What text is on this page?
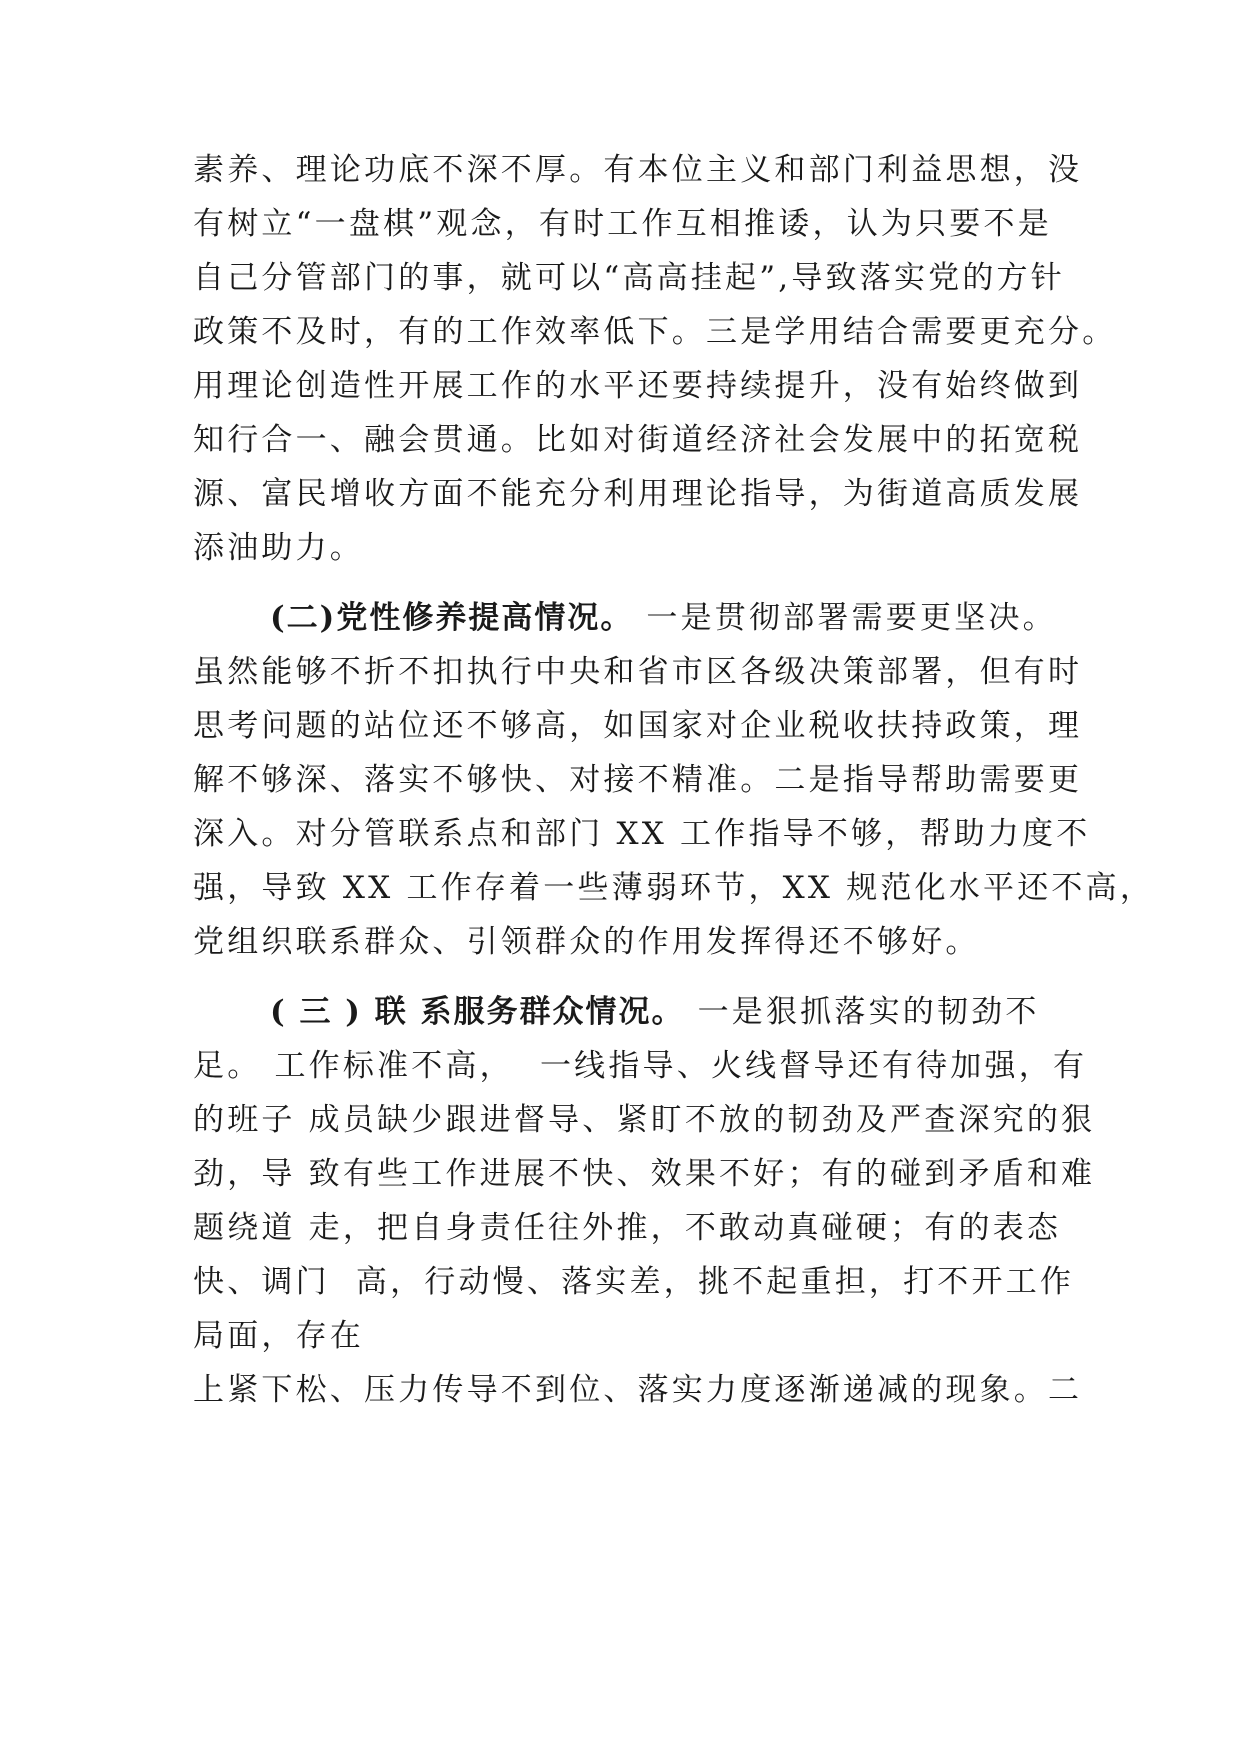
素养、理论功底不深不厚。有本位主义和部门利益思想，没
有树立“一盘棋”观念，有时工作互相推诿，认为只要不是
自己分管部门的事，就可以“高高挂起”,导致落实党的方针
政策不及时，有的工作效率低下。三是学用结合需要更充分。
用理论创造性开展工作的水平还要持续提升，没有始终做到
知行合一、融会贯通。比如对街道经济社会发展中的拓宽税
源、富民增收方面不能充分利用理论指导，为街道高质发展
添油助力。
(二)党性修养提高情况。 一是贯彻部署需要更坚决。
虽然能够不折不扣执行中央和省市区各级决策部署，但有时
思考问题的站位还不够高，如国家对企业税收扶持政策，理
解不够深、落实不够快、对接不精准。二是指导帮助需要更
深入。对分管联系点和部门 XX 工作指导不够，帮助力度不
强，导致 XX 工作存着一些薄弱环节，XX 规范化水平还不高，
党组织联系群众、引领群众的作用发挥得还不够好。
( 三 ) 联 系服务群众情况。 一是狠抓落实的韧劲不
足。 工作标准不高，  一线指导、火线督导还有待加强，有
的班子 成员缺少跟进督导、紧盯不放的韧劲及严查深究的狠
劲，导 致有些工作进展不快、效果不好；有的碰到矛盾和难
题绕道 走，把自身责任往外推，不敢动真碰硬；有的表态
快、调门  高，行动慢、落实差，挑不起重担，打不开工作
局面，存在
上紧下松、压力传导不到位、落实力度逐渐递减的现象。二
